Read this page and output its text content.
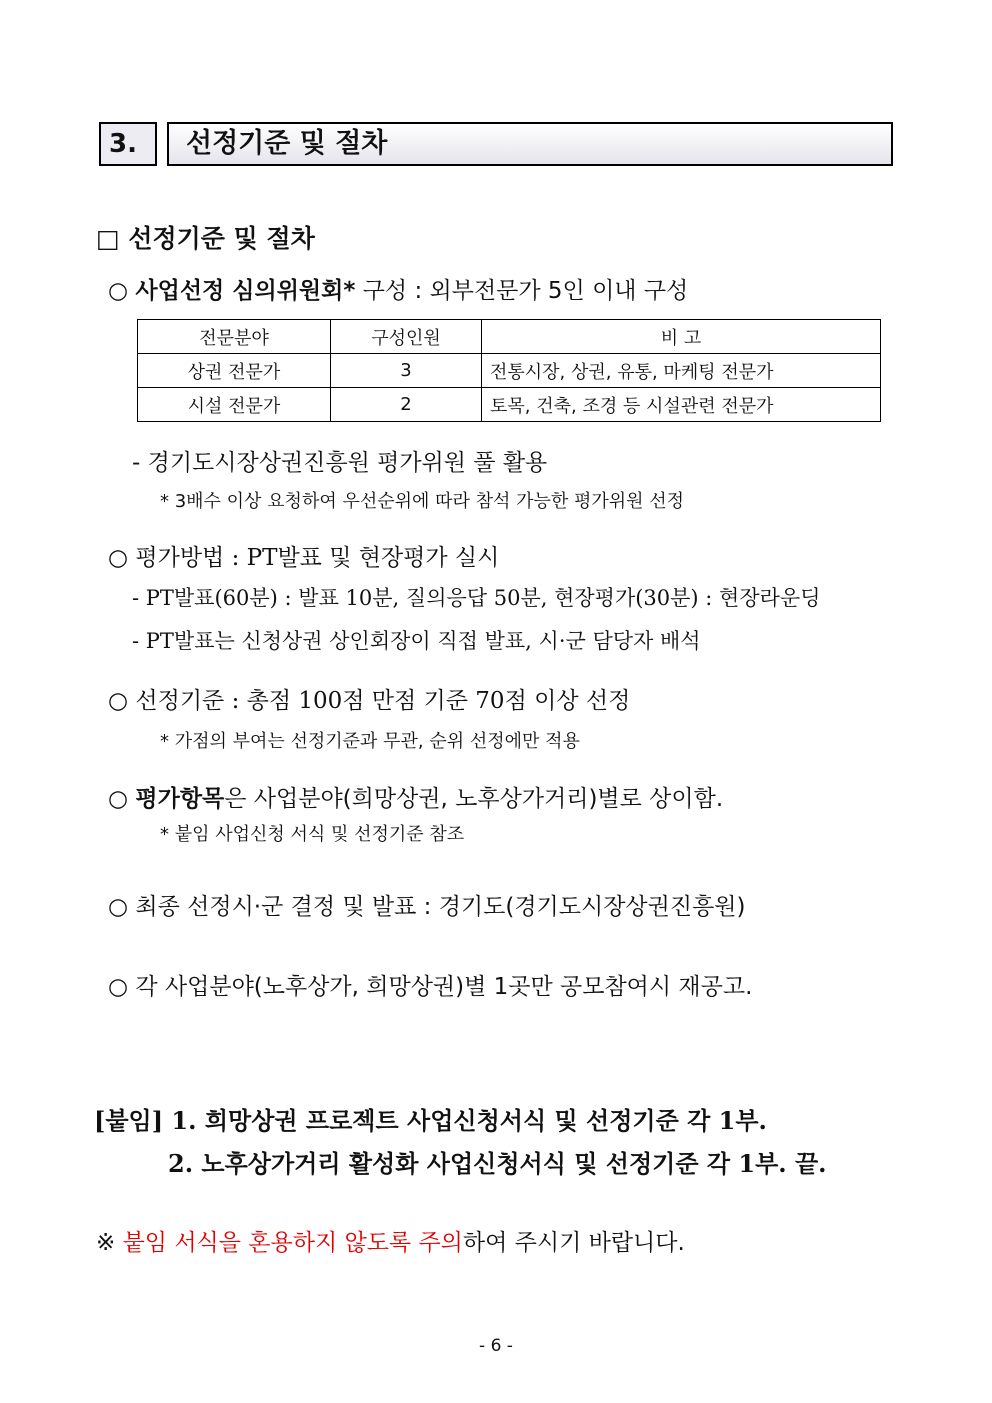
3.	선정기준 및 절차
□ 선정기준 및 절차
○ 사업선정 심의위원회* 구성 : 외부전문가 5인 이내 구성
전문분야	구성인원	비 고
상권 전문가	3	전통시장, 상권, 유통, 마케팅 전문가
시설 전문가	2	토목, 건축, 조경 등 시설관련 전문가
- 경기도시장상권진흥원 평가위원 풀 활용
* 3배수 이상 요청하여 우선순위에 따라 참석 가능한 평가위원 선정
○ 평가방법 : PT발표 및 현장평가 실시
- PT발표(60분) : 발표 10분, 질의응답 50분, 현장평가(30분) : 현장라운딩
- PT발표는 신청상권 상인회장이 직접 발표, 시·군 담당자 배석
○ 선정기준 : 총점 100점 만점 기준 70점 이상 선정
* 가점의 부여는 선정기준과 무관, 순위 선정에만 적용
○ 평가항목은 사업분야(희망상권, 노후상가거리)별로 상이함.
* 붙임 사업신청 서식 및 선정기준 참조
○ 최종 선정시·군 결정 및 발표 : 경기도(경기도시장상권진흥원)
○ 각 사업분야(노후상가, 희망상권)별 1곳만 공모참여시 재공고.
[붙임] 1. 희망상권 프로젝트 사업신청서식 및 선정기준 각 1부.
2. 노후상가거리 활성화 사업신청서식 및 선정기준 각 1부. 끝.
※ 붙임 서식을 혼용하지 않도록 주의하여 주시기 바랍니다.
- 6 -
